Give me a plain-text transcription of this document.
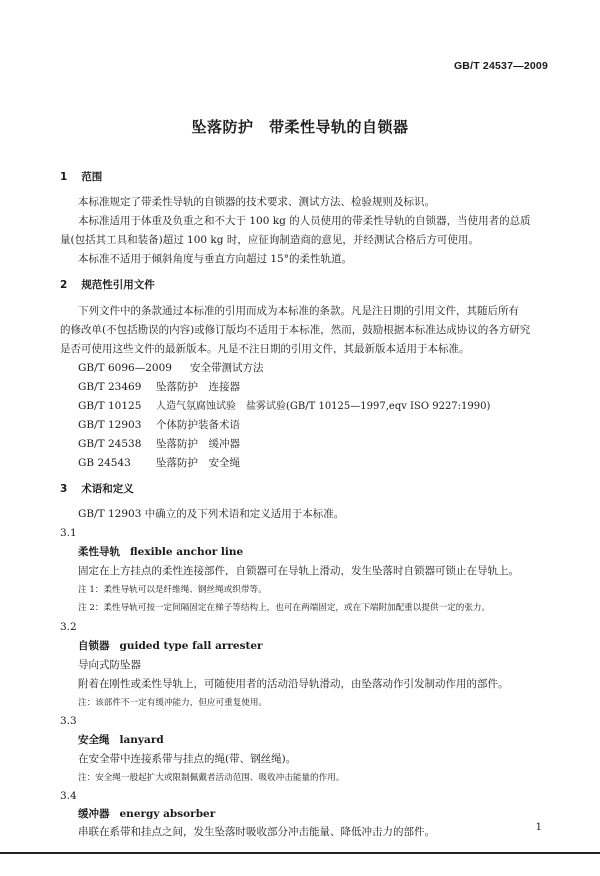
GB/T 24537—2009
坠落防护　带柔性导轨的自锁器
1 范围
本标准规定了带柔性导轨的自锁器的技术要求、测试方法、检验规则及标识。
本标准适用于体重及负重之和不大于 100 kg 的人员使用的带柔性导轨的自锁器，当使用者的总质
量(包括其工具和装备)超过 100 kg 时，应征询制造商的意见，并经测试合格后方可使用。
本标准不适用于倾斜角度与垂直方向超过 15°的柔性轨道。
2 规范性引用文件
下列文件中的条款通过本标准的引用而成为本标准的条款。凡是注日期的引用文件，其随后所有
的修改单(不包括勘误的内容)或修订版均不适用于本标准，然而，鼓励根据本标准达成协议的各方研究
是否可使用这些文件的最新版本。凡是不注日期的引用文件，其最新版本适用于本标准。
GB/T 6096—2009 安全带测试方法
GB/T 23469 坠落防护　连接器
GB/T 10125 人造气氛腐蚀试验　盐雾试验(GB/T 10125—1997,eqv ISO 9227:1990)
GB/T 12903 个体防护装备术语
GB/T 24538 坠落防护　缓冲器
GB 24543 坠落防护　安全绳
3 术语和定义
GB/T 12903 中确立的及下列术语和定义适用于本标准。
3.1
柔性导轨 flexible anchor line
固定在上方挂点的柔性连接部件，自锁器可在导轨上滑动，发生坠落时自锁器可锁止在导轨上。
注 1：柔性导轨可以是纤维绳、钢丝绳或织带等。
注 2：柔性导轨可按一定间隔固定在梯子等结构上，也可在两端固定，或在下端附加配重以提供一定的张力。
3.2
自锁器 guided type fall arrester
导向式防坠器
附着在刚性或柔性导轨上，可随使用者的活动沿导轨滑动，由坠落动作引发制动作用的部件。
注：该部件不一定有缓冲能力，但应可重复使用。
3.3
安全绳 lanyard
在安全带中连接系带与挂点的绳(带、钢丝绳)。
注：安全绳一般起扩大或限制佩戴者活动范围、吸收冲击能量的作用。
3.4
缓冲器 energy absorber
串联在系带和挂点之间，发生坠落时吸收部分冲击能量、降低冲击力的部件。	1
